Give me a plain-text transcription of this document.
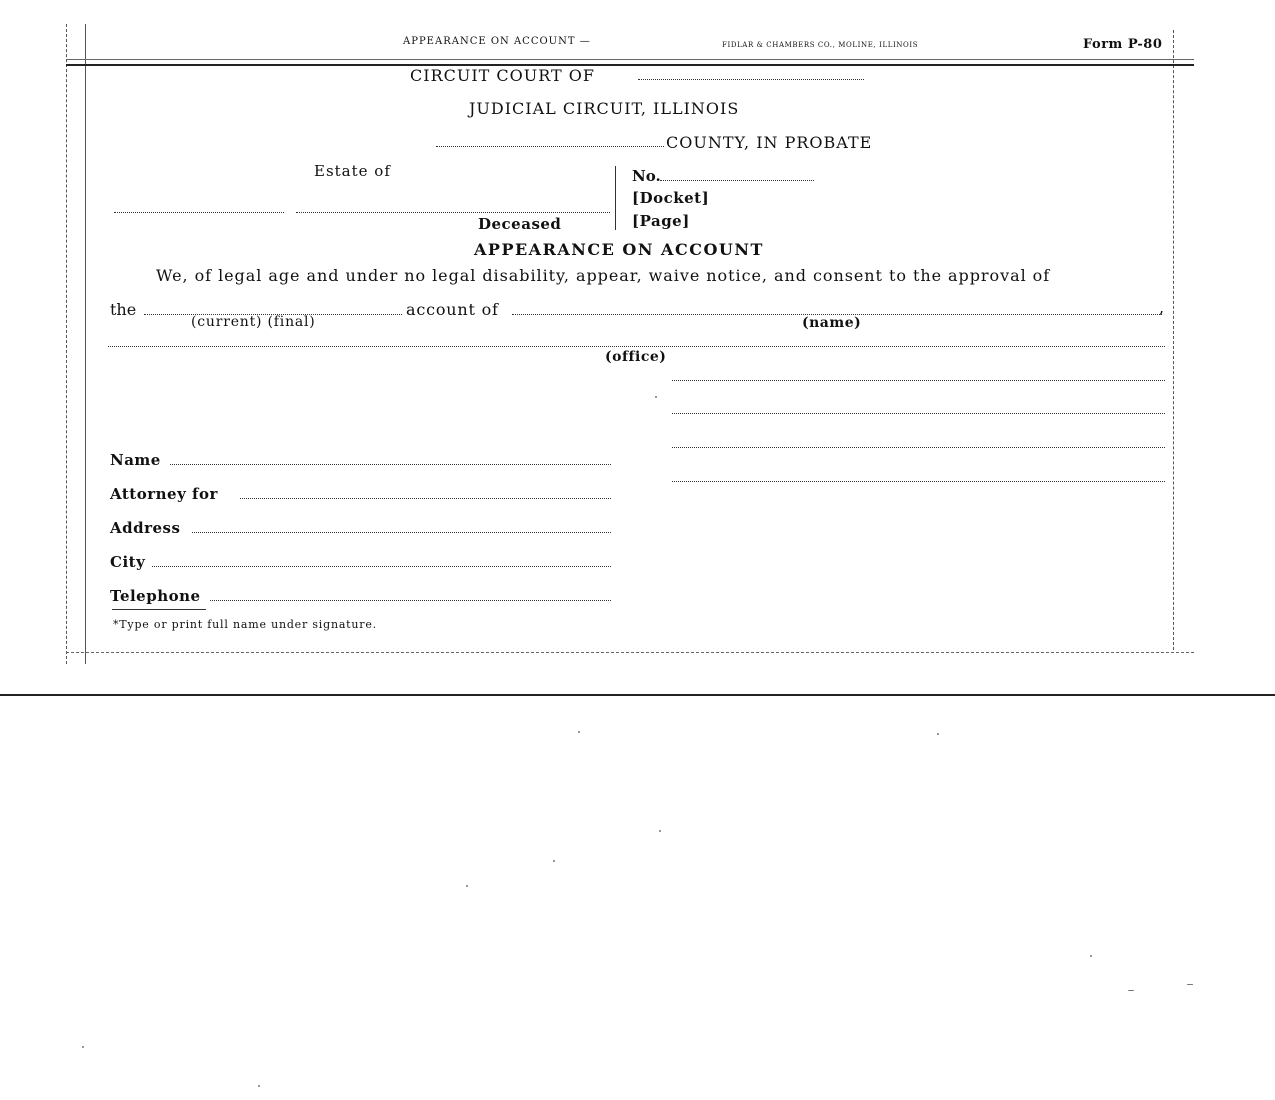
APPEARANCE ON ACCOUNT —	FIDLAR & CHAMBERS CO., MOLINE, ILLINOIS	Form P-80
CIRCUIT COURT OF
JUDICIAL CIRCUIT, ILLINOIS
COUNTY, IN PROBATE
Estate of
Deceased
No.
[Docket]
[Page]
APPEARANCE ON ACCOUNT
We, of legal age and under no legal disability, appear, waive notice, and consent to the approval of
the	account of	,
(current) (final)	(name)
(office)
Name
Attorney for
Address
City
Telephone
*Type or print full name under signature.
